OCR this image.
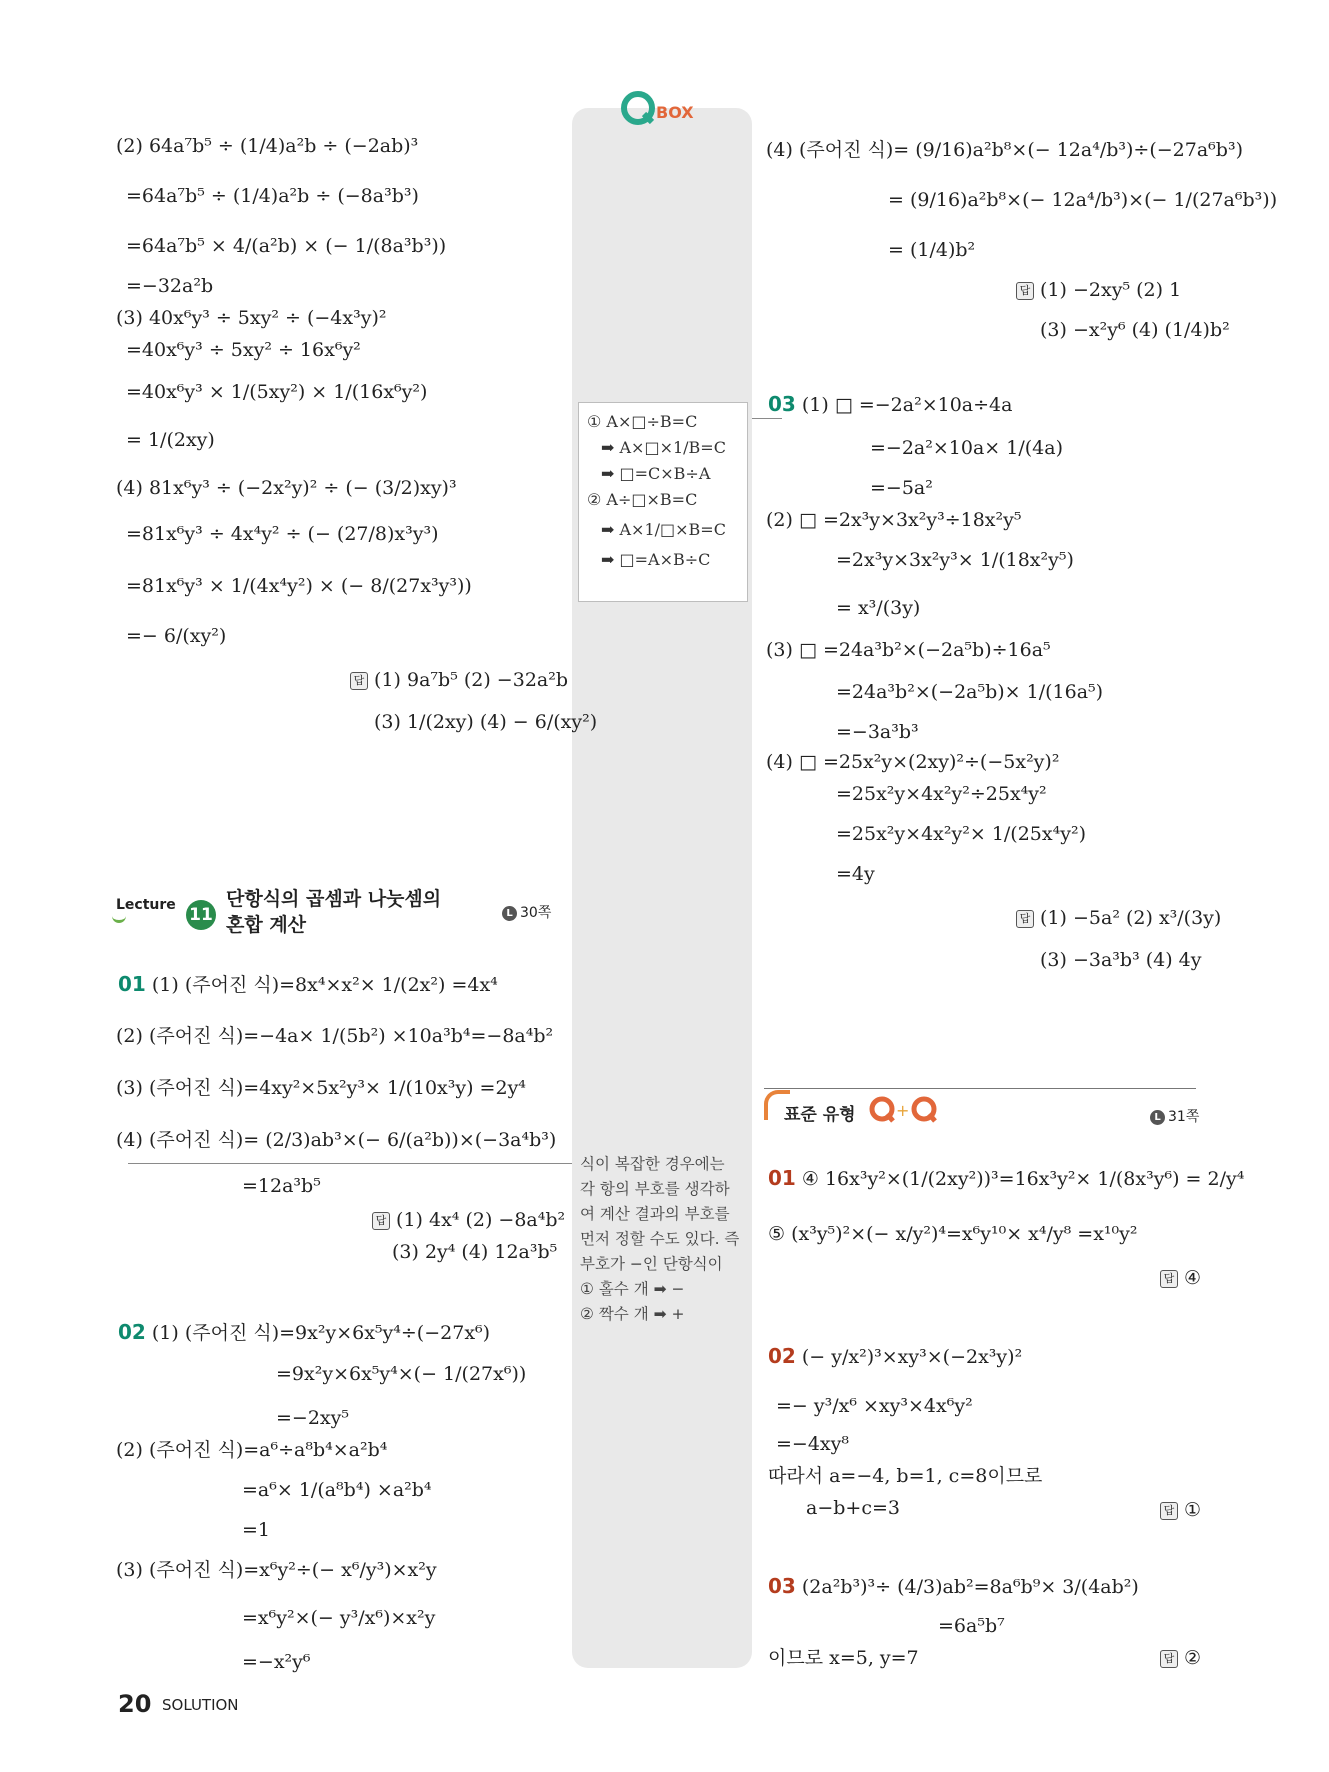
BOX
① A×□÷B=C
➡ A×□×1/B=C
➡ □=C×B÷A
② A÷□×B=C
➡ A×1/□×B=C
➡ □=A×B÷C
식이 복잡한 경우에는 각 항의 부호를 생각하여 계산 결과의 부호를 먼저 정할 수도 있다. 즉 부호가 −인 단항식이
① 홀수 개 ➡ −
② 짝수 개 ➡ +
(2) 64a⁷b⁵ ÷ (1/4)a²b ÷ (−2ab)³
=64a⁷b⁵ ÷ (1/4)a²b ÷ (−8a³b³)
=64a⁷b⁵ × 4/(a²b) × (− 1/(8a³b³))
=−32a²b
(3) 40x⁶y³ ÷ 5xy² ÷ (−4x³y)²
=40x⁶y³ ÷ 5xy² ÷ 16x⁶y²
=40x⁶y³ × 1/(5xy²) × 1/(16x⁶y²)
= 1/(2xy)
(4) 81x⁶y³ ÷ (−2x²y)² ÷ (− (3/2)xy)³
=81x⁶y³ ÷ 4x⁴y² ÷ (− (27/8)x³y³)
=81x⁶y³ × 1/(4x⁴y²) × (− 8/(27x³y³))
=− 6/(xy²)
답 (1) 9a⁷b⁵ (2) −32a²b
(3) 1/(2xy) (4) − 6/(xy²)
Lecture 11
단항식의 곱셈과 나눗셈의
혼합 계산
L 30쪽
01 (1) (주어진 식)=8x⁴×x²× 1/(2x²) =4x⁴
(2) (주어진 식)=−4a× 1/(5b²) ×10a³b⁴=−8a⁴b²
(3) (주어진 식)=4xy²×5x²y³× 1/(10x³y) =2y⁴
(4) (주어진 식)= (2/3)ab³×(− 6/(a²b))×(−3a⁴b³)
=12a³b⁵
답 (1) 4x⁴ (2) −8a⁴b²
(3) 2y⁴ (4) 12a³b⁵
02 (1) (주어진 식)=9x²y×6x⁵y⁴÷(−27x⁶)
=9x²y×6x⁵y⁴×(− 1/(27x⁶))
=−2xy⁵
(2) (주어진 식)=a⁶÷a⁸b⁴×a²b⁴
=a⁶× 1/(a⁸b⁴) ×a²b⁴
=1
(3) (주어진 식)=x⁶y²÷(− x⁶/y³)×x²y
=x⁶y²×(− y³/x⁶)×x²y
=−x²y⁶
(4) (주어진 식)= (9/16)a²b⁸×(− 12a⁴/b³)÷(−27a⁶b³)
= (9/16)a²b⁸×(− 12a⁴/b³)×(− 1/(27a⁶b³))
= (1/4)b²
답 (1) −2xy⁵ (2) 1
(3) −x²y⁶ (4) (1/4)b²
03 (1) □ =−2a²×10a÷4a
=−2a²×10a× 1/(4a)
=−5a²
(2) □ =2x³y×3x²y³÷18x²y⁵
=2x³y×3x²y³× 1/(18x²y⁵)
= x³/(3y)
(3) □ =24a³b²×(−2a⁵b)÷16a⁵
=24a³b²×(−2a⁵b)× 1/(16a⁵)
=−3a³b³
(4) □ =25x²y×(2xy)²÷(−5x²y)²
=25x²y×4x²y²÷25x⁴y²
=25x²y×4x²y²× 1/(25x⁴y²)
=4y
답 (1) −5a² (2) x³/(3y)
(3) −3a³b³ (4) 4y
표준 유형	+	L 31쪽
01 ④ 16x³y²×(1/(2xy²))³=16x³y²× 1/(8x³y⁶) = 2/y⁴
⑤ (x³y⁵)²×(− x/y²)⁴=x⁶y¹⁰× x⁴/y⁸ =x¹⁰y²
답 ④
02 (− y/x²)³×xy³×(−2x³y)²
=− y³/x⁶ ×xy³×4x⁶y²
=−4xy⁸
따라서 a=−4, b=1, c=8이므로
a−b+c=3	답 ①
03 (2a²b³)³÷ (4/3)ab²=8a⁶b⁹× 3/(4ab²)
=6a⁵b⁷
이므로 x=5, y=7	답 ②
20 SOLUTION
